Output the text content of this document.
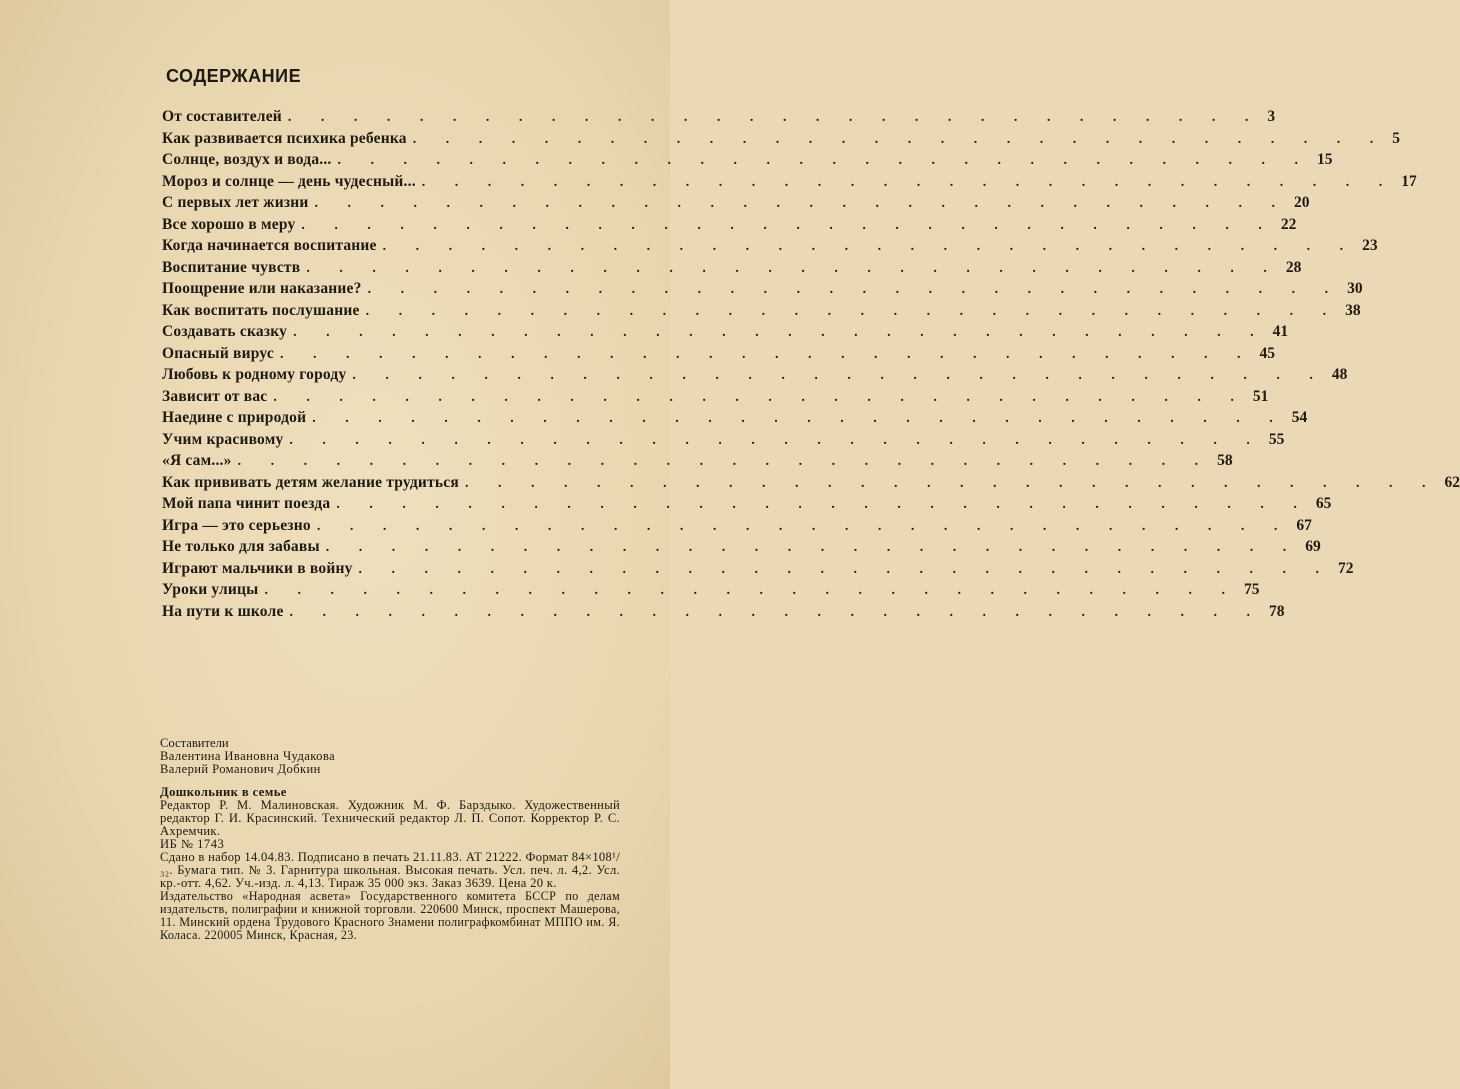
СОДЕРЖАНИЕ
От составителей . . . . . . . . . . . . . . . . . . . . . . . . . . . . . . 3
Как развивается психика ребенка . . . . . . . . . . . . . . . . . . . . . . . . . . . . . . 5
Солнце, воздух и вода... . . . . . . . . . . . . . . . . . . . . . . . . . . . . . . 15
Мороз и солнце — день чудесный... . . . . . . . . . . . . . . . . . . . . . . . . . . . . . . 17
С первых лет жизни . . . . . . . . . . . . . . . . . . . . . . . . . . . . . . 20
Все хорошо в меру . . . . . . . . . . . . . . . . . . . . . . . . . . . . . . 22
Когда начинается воспитание . . . . . . . . . . . . . . . . . . . . . . . . . . . . . . 23
Воспитание чувств . . . . . . . . . . . . . . . . . . . . . . . . . . . . . . 28
Поощрение или наказание? . . . . . . . . . . . . . . . . . . . . . . . . . . . . . . 30
Как воспитать послушание . . . . . . . . . . . . . . . . . . . . . . . . . . . . . . 38
Создавать сказку . . . . . . . . . . . . . . . . . . . . . . . . . . . . . . 41
Опасный вирус . . . . . . . . . . . . . . . . . . . . . . . . . . . . . . 45
Любовь к родному городу . . . . . . . . . . . . . . . . . . . . . . . . . . . . . . 48
Зависит от вас . . . . . . . . . . . . . . . . . . . . . . . . . . . . . . 51
Наедине с природой . . . . . . . . . . . . . . . . . . . . . . . . . . . . . . 54
Учим красивому . . . . . . . . . . . . . . . . . . . . . . . . . . . . . . 55
«Я сам...» . . . . . . . . . . . . . . . . . . . . . . . . . . . . . . 58
Как прививать детям желание трудиться . . . . . . . . . . . . . . . . . . . . . . . . . . . . . . 62
Мой папа чинит поезда . . . . . . . . . . . . . . . . . . . . . . . . . . . . . . 65
Игра — это серьезно . . . . . . . . . . . . . . . . . . . . . . . . . . . . . . 67
Не только для забавы . . . . . . . . . . . . . . . . . . . . . . . . . . . . . . 69
Играют мальчики в войну . . . . . . . . . . . . . . . . . . . . . . . . . . . . . . 72
Уроки улицы . . . . . . . . . . . . . . . . . . . . . . . . . . . . . . 75
На пути к школе . . . . . . . . . . . . . . . . . . . . . . . . . . . . . . 78

Составители

Валентина Ивановна Чудакова

Валерий Романович Добкин

Дошкольник в семье

Редактор Р. М. Малиновская. Художник М. Ф. Барздыко. Художественный редактор Г. И. Красинский. Технический редактор Л. П. Сопот. Корректор Р. С. Ахремчик.

ИБ № 1743

Сдано в набор 14.04.83. Подписано в печать 21.11.83. АТ 21222. Формат 84×108¹/₃₂. Бумага тип. № 3. Гарнитура школьная. Высокая печать. Усл. печ. л. 4,2. Усл. кр.-отт. 4,62. Уч.-изд. л. 4,13. Тираж 35 000 экз. Заказ 3639. Цена 20 к.

Издательство «Народная асвета» Государственного комитета БССР по делам издательств, полиграфии и книжной торговли. 220600 Минск, проспект Машерова, 11. Минский ордена Трудового Красного Знамени полиграфкомбинат МППО им. Я. Коласа. 220005 Минск, Красная, 23.
